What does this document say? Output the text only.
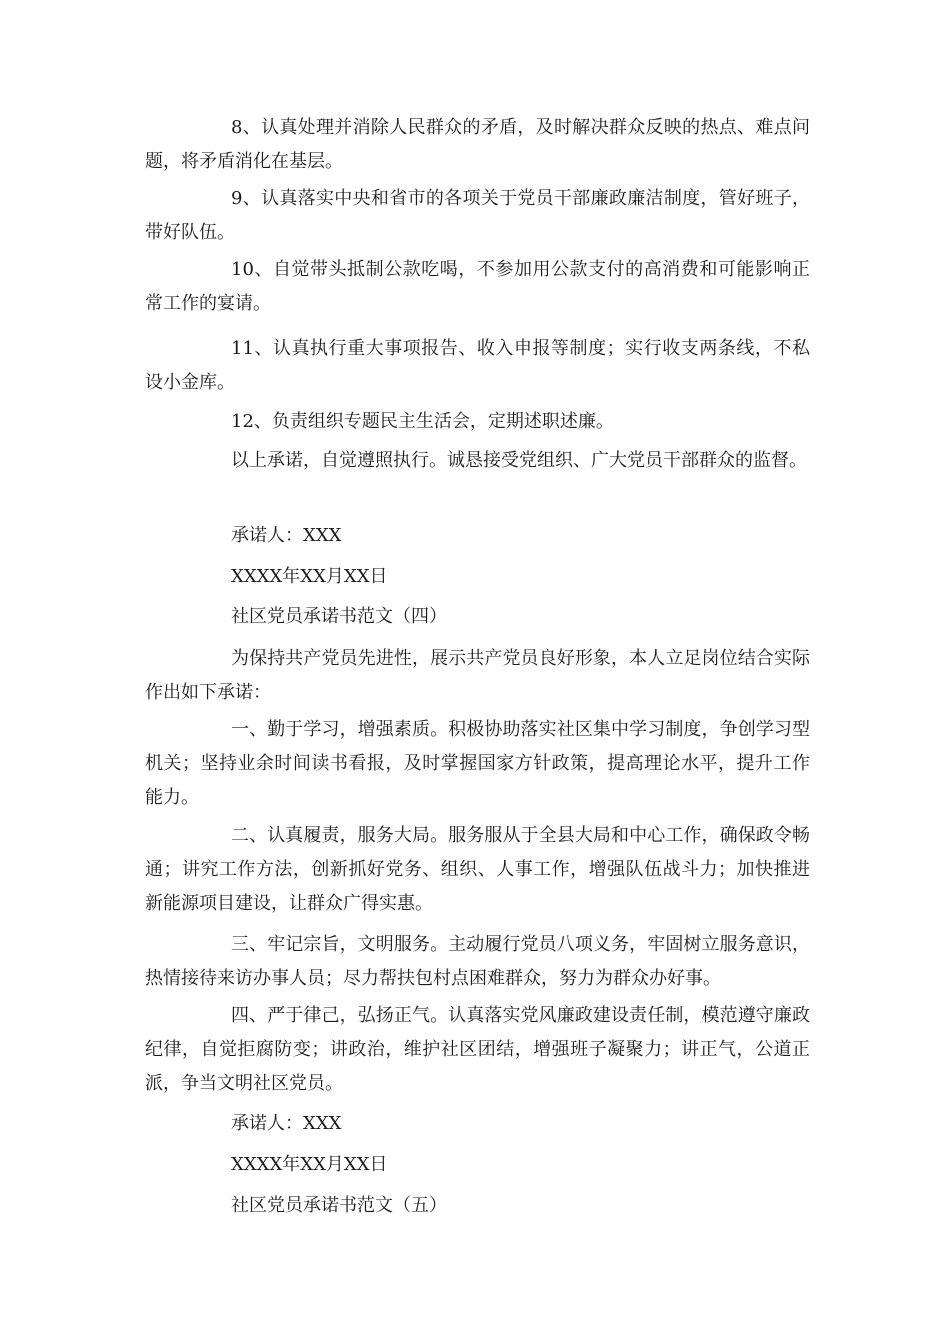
8、认真处理并消除人民群众的矛盾，及时解决群众反映的热点、难点问题，将矛盾消化在基层。

9、认真落实中央和省市的各项关于党员干部廉政廉洁制度，管好班子，带好队伍。

10、自觉带头抵制公款吃喝，不参加用公款支付的高消费和可能影响正常工作的宴请。

11、认真执行重大事项报告、收入申报等制度；实行收支两条线，不私设小金库。

12、负责组织专题民主生活会，定期述职述廉。

以上承诺，自觉遵照执行。诚恳接受党组织、广大党员干部群众的监督。

承诺人：XXX

XXXX年XX月XX日

社区党员承诺书范文（四）

为保持共产党员先进性，展示共产党员良好形象，本人立足岗位结合实际作出如下承诺：

一、勤于学习，增强素质。积极协助落实社区集中学习制度，争创学习型机关；坚持业余时间读书看报，及时掌握国家方针政策，提高理论水平，提升工作能力。

二、认真履责，服务大局。服务服从于全县大局和中心工作，确保政令畅通；讲究工作方法，创新抓好党务、组织、人事工作，增强队伍战斗力；加快推进新能源项目建设，让群众广得实惠。

三、牢记宗旨，文明服务。主动履行党员八项义务，牢固树立服务意识，热情接待来访办事人员；尽力帮扶包村点困难群众，努力为群众办好事。

四、严于律己，弘扬正气。认真落实党风廉政建设责任制，模范遵守廉政纪律，自觉拒腐防变；讲政治，维护社区团结，增强班子凝聚力；讲正气，公道正派，争当文明社区党员。

承诺人：XXX

XXXX年XX月XX日

社区党员承诺书范文（五）
